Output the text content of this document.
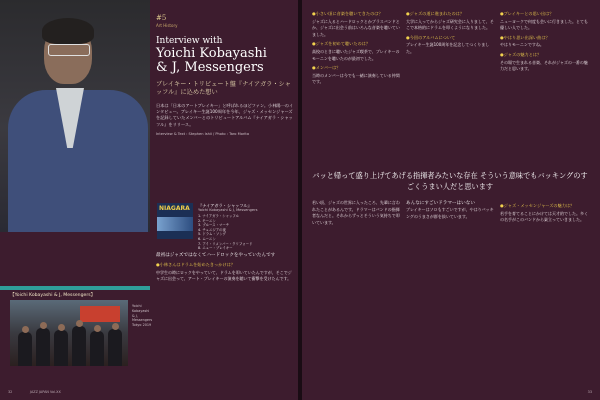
#5
Art History
Interview with
Yoichi Kobayashi
& J, Messengers
ブレイキー・トリビュート盤『ナイアガラ・シャッフル』に込めた想い
日本は「日本のアートブレイキー」と呼ばれるほどファン。小林陽一のインタビュー。ブレイキー生誕100周年を今年、ジャズ・メッセンジャーズを記録していたメンバーとのトリビュートアルバム『ナイアガラ・シャッフル』をリリース。
Interview & Text : Stephen Ishii / Photo : Taro Morita
NIAGARA 『ナイアガラ・シャッフル』
Yoichi Kobayashi & J, Messengers
1. ナイアガラ・シャッフル
2. モーニン
3. ブルース・マーチ
4. チュニジアの夜
5. ドラム・ソング
6. ムーニン
7. アイ・リメンバー・クリフォード
8. ニュー・ブレイキー
最初はジャズではなくてハードロックをやっていたんです
●小林さんはドラムを始めたきっかけは？

中学生の時にロックをやっていて、ドラムを叩いていたんですが、そこでジャズに出会って、アート・ブレイキーの演奏を聴いて衝撃を受けたんです。

【Yoichi Kobayashi & J, Messengers】
Yoichi Kobayashi & J, Messengers Tokyo 2019
32	JAZZ JAPAN Vol.XX
●小さい頃に音楽を聴いてきたのは？

ジャズに入るとハードロックとかブラスバンドとか、ジャズに出会う前はいろんな音楽を聴いていました。

●ジャズを初めて聴いたのは？

高校のときに聴いたジャズ喫茶で、ブレイキーのモーニンを聴いたのが最初でした。

●メンバーは？

当時のメンバーは今でも一緒に演奏している仲間です。

●ジャズの道に進まれたのは？

大学に入ってからジャズ研究会に入りまして、そこで本格的にドラムを叩くようになりました。

●今回のアルバムについて

ブレイキー生誕100周年を記念してつくりました。

●ブレイキーとの思い出は？

ニューヨークで何度も会いに行きました。とても優しい人でした。

●やはり思い出深い曲は？

やはりモーニンですね。

●ジャズの魅力とは？

その場で生まれる音楽、それがジャズの一番の魅力だと思います。

バッと帰って盛り上げてあげる指揮者みたいな存在 そういう意味でもバッキングのすごくうまい人だと思います

若い頃、ジャズの世界に入ったころ、先輩に言われたことがあるんです。ドラマーはバンドの指揮者なんだと。それからずっとそういう気持ちで叩いています。

あんなにすごいドラマーはいない

ブレイキーはソロもすごいですが、やはりバッキングのうまさが群を抜いています。

●ジャズ・メッセンジャーズの魅力は？

若手を育てることにかけては天才的でした。多くの名手がこのバンドから巣立っていきました。

33
